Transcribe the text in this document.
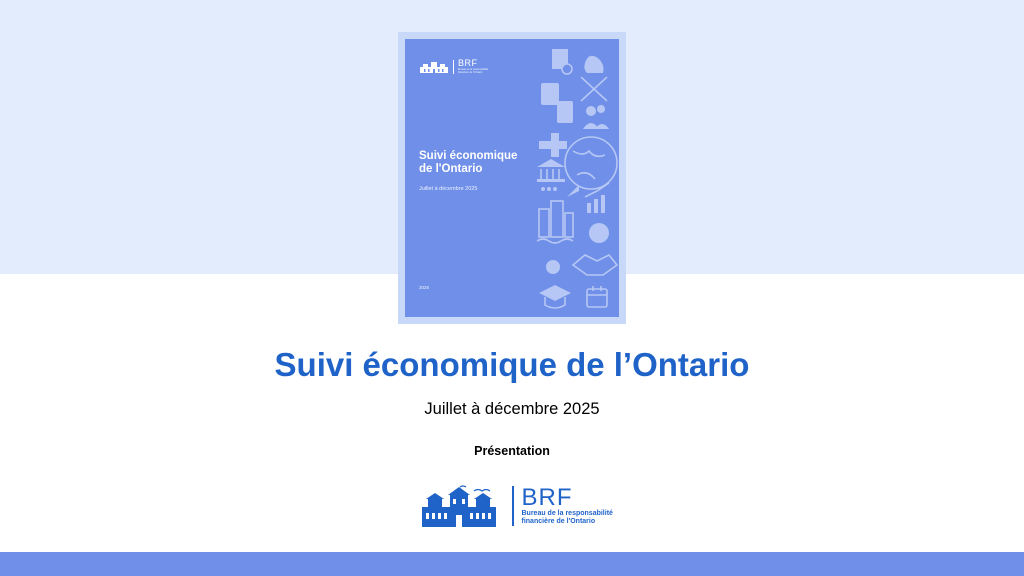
BRF
Bureau de la responsabilité financière de l'Ontario
Suivi économique
de l'Ontario
Juillet à décembre 2025
2026
Suivi économique de l’Ontario
Juillet à décembre 2025
Présentation
BRF
Bureau de la responsabilité
financière de l'Ontario
